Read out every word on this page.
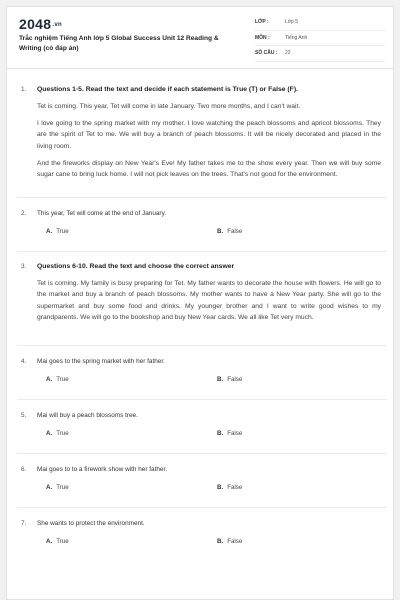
2048.vn
Trắc nghiệm Tiếng Anh lớp 5 Global Success Unit 12 Reading & Writing (có đáp án)
LỚP :	Lớp 5
MÔN :	Tiếng Anh
SỐ CÂU :	22
1.	Questions 1-5. Read the text and decide if each statement is True (T) or False (F).

Tet is coming. This year, Tet will come in late January. Two more months, and I can't wait.

I love going to the spring market with my mother. I love watching the peach blossoms and apricot blossoms. They are the spirit of Tet to me. We will buy a branch of peach blossoms. It will be nicely decorated and placed in the living room.

And the fireworks display on New Year's Eve! My father takes me to the show every year. Then we will buy some sugar cane to bring luck home. I will not pick leaves on the trees. That's not good for the environment.

2.	This year, Tet will come at the end of January.
A. True	B. False
3.	Questions 6-10. Read the text and choose the correct answer

Tet is coming. My family is busy preparing for Tet. My father wants to decorate the house with flowers. He will go to the market and buy a branch of peach blossoms. My mother wants to have a New Year party. She will go to the supermarket and buy some food and drinks. My younger brother and I want to write good wishes to my grandparents. We will go to the bookshop and buy New Year cards. We all like Tet very much.

4.	Mai goes to the spring market with her father.
A. True	B. False
5.	Mai will buy a peach blossoms tree.
A. True	B. False
6.	Mai goes to to a firework show with her father.
A. True	B. False
7.	She wants to protect the environment.
A. True	B. False
